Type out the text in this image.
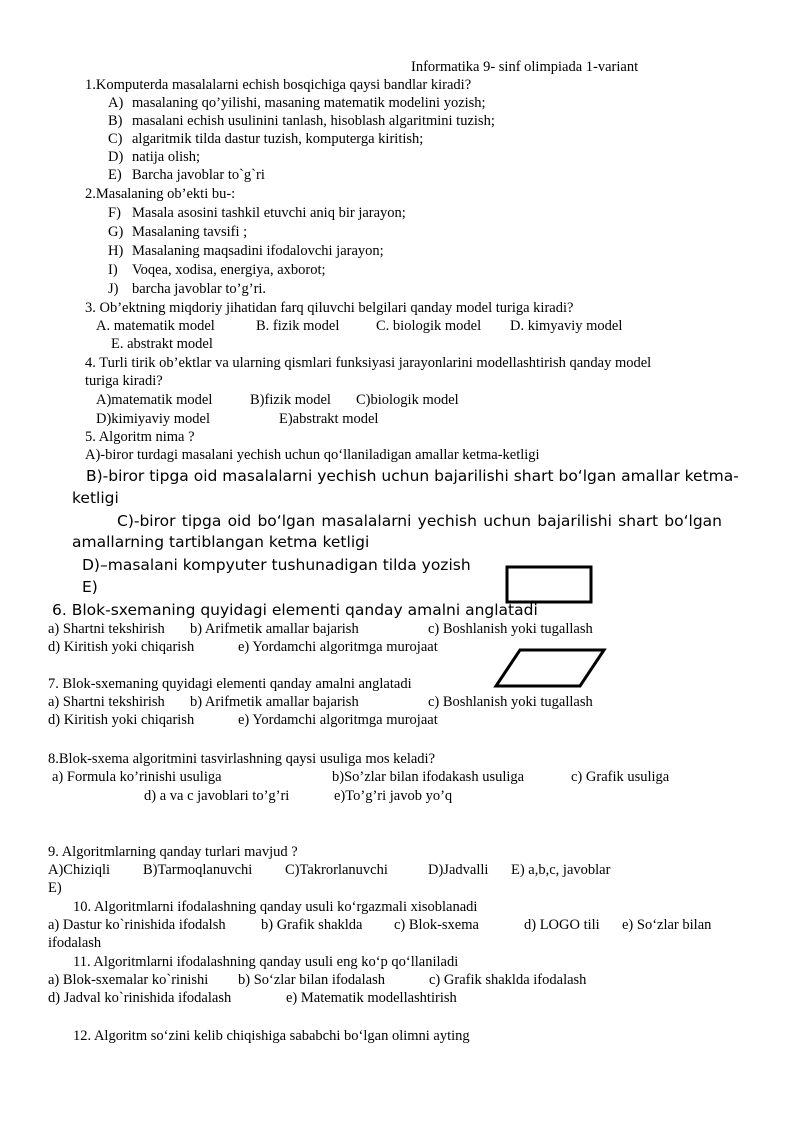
Informatika 9- sinf olimpiada 1-variant
1.Komputerda masalalarni echish bosqichiga qaysi bandlar kiradi?
A) masalaning qo’yilishi, masaning matematik modelini yozish;
B) masalani echish usulinini tanlash, hisoblash algaritmini tuzish;
C) algaritmik tilda dastur tuzish, komputerga kiritish;
D) natija olish;
E) Barcha javoblar to`g`ri
2.Masalaning ob’ekti bu-:
F) Masala asosini tashkil etuvchi aniq bir jarayon;
G) Masalaning tavsifi ;
H) Masalaning maqsadini ifodalovchi jarayon;
I) Voqea, xodisa, energiya, axborot;
J) barcha javoblar to’g’ri.
3. Ob’ektning miqdoriy jihatidan farq qiluvchi belgilari qanday model turiga kiradi?
A. matematik model	B. fizik model	C. biologik model D. kimyaviy model
E. abstrakt model
4. Turli tirik ob’ektlar va ularning qismlari funksiyasi jarayonlarini modellashtirish qanday model
turiga kiradi?
A)matematik model	B)fizik model C)biologik model
D)kimiyaviy model	E)abstrakt model
5. Algoritm nima ?
A)-biror turdagi masalani yechish uchun qo‘llaniladigan amallar ketma-ketligi
B)-biror tipga oid masalalarni yechish uchun bajarilishi shart bo‘lgan amallar ketma-
ketligi
C)-biror tipga oid bo‘lgan masalalarni yechish uchun bajarilishi shart bo‘lgan
amallarning tartiblangan ketma ketligi
D)–masalani kompyuter tushunadigan tilda yozish
E)
6. Blok-sxemaning quyidagi elementi qanday amalni anglatadi
a) Shartni tekshirish b) Arifmetik amallar bajarish	c) Boshlanish yoki tugallash
d) Kiritish yoki chiqarish	e) Yordamchi algoritmga murojaat
7. Blok-sxemaning quyidagi elementi qanday amalni anglatadi
a) Shartni tekshirish b) Arifmetik amallar bajarish	c) Boshlanish yoki tugallash
d) Kiritish yoki chiqarish	e) Yordamchi algoritmga murojaat
8.Blok-sxema algoritmini tasvirlashning qaysi usuliga mos keladi?
a) Formula ko’rinishi usuliga	b)So’zlar bilan ifodakash usuliga	c) Grafik usuliga
d) a va c javoblari to’g’ri	e)To’g’ri javob yo’q
9. Algoritmlarning qanday turlari mavjud ?
A)Chiziqli B)Tarmoqlanuvchi C)Takrorlanuvchi	D)Jadvalli E) a,b,c, javoblar
E)
10. Algoritmlarni ifodalashning qanday usuli ko‘rgazmali xisoblanadi
a) Dastur ko`rinishida ifodalsh b) Grafik shaklda c) Blok-sxema	d) LOGO tili e) So‘zlar bilan
ifodalash
11. Algoritmlarni ifodalashning qanday usuli eng ko‘p qo‘llaniladi
a) Blok-sxemalar ko`rinishi b) So‘zlar bilan ifodalash	c) Grafik shaklda ifodalash
d) Jadval ko`rinishida ifodalash	e) Matematik modellashtirish
12. Algoritm so‘zini kelib chiqishiga sababchi bo‘lgan olimni ayting
